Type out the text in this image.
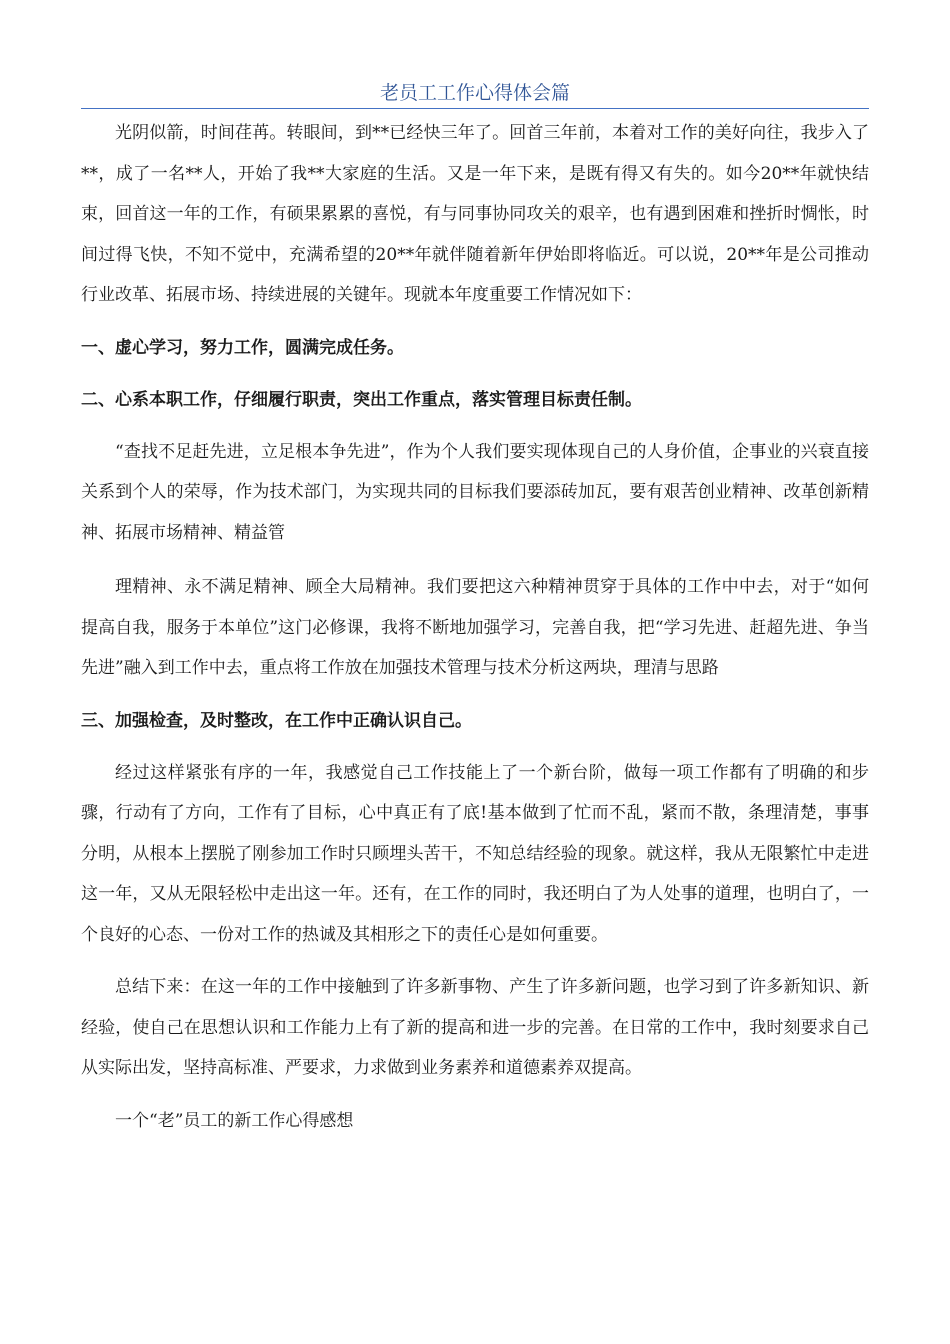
老员工工作心得体会篇

光阴似箭，时间荏苒。转眼间，到**已经快三年了。回首三年前，本着对工作的美好向往，我步入了**，成了一名**人，开始了我**大家庭的生活。又是一年下来，是既有得又有失的。如今20**年就快结束，回首这一年的工作，有硕果累累的喜悦，有与同事协同攻关的艰辛，也有遇到困难和挫折时惆怅，时间过得飞快，不知不觉中，充满希望的20**年就伴随着新年伊始即将临近。可以说，20**年是公司推动行业改革、拓展市场、持续进展的关键年。现就本年度重要工作情况如下：

一、虚心学习，努力工作，圆满完成任务。

二、心系本职工作，仔细履行职责，突出工作重点，落实管理目标责任制。

“查找不足赶先进，立足根本争先进”，作为个人我们要实现体现自己的人身价值，企事业的兴衰直接关系到个人的荣辱，作为技术部门，为实现共同的目标我们要添砖加瓦，要有艰苦创业精神、改革创新精神、拓展市场精神、精益管

理精神、永不满足精神、顾全大局精神。我们要把这六种精神贯穿于具体的工作中中去，对于“如何提高自我，服务于本单位”这门必修课，我将不断地加强学习，完善自我，把“学习先进、赶超先进、争当先进”融入到工作中去，重点将工作放在加强技术管理与技术分析这两块，理清与思路

三、加强检查，及时整改，在工作中正确认识自己。

经过这样紧张有序的一年，我感觉自己工作技能上了一个新台阶，做每一项工作都有了明确的和步骤，行动有了方向，工作有了目标，心中真正有了底!基本做到了忙而不乱，紧而不散，条理清楚，事事分明，从根本上摆脱了刚参加工作时只顾埋头苦干，不知总结经验的现象。就这样，我从无限繁忙中走进这一年，又从无限轻松中走出这一年。还有，在工作的同时，我还明白了为人处事的道理，也明白了，一个良好的心态、一份对工作的热诚及其相形之下的责任心是如何重要。

总结下来：在这一年的工作中接触到了许多新事物、产生了许多新问题，也学习到了许多新知识、新经验，使自己在思想认识和工作能力上有了新的提高和进一步的完善。在日常的工作中，我时刻要求自己从实际出发，坚持高标准、严要求，力求做到业务素养和道德素养双提高。

一个“老”员工的新工作心得感想
